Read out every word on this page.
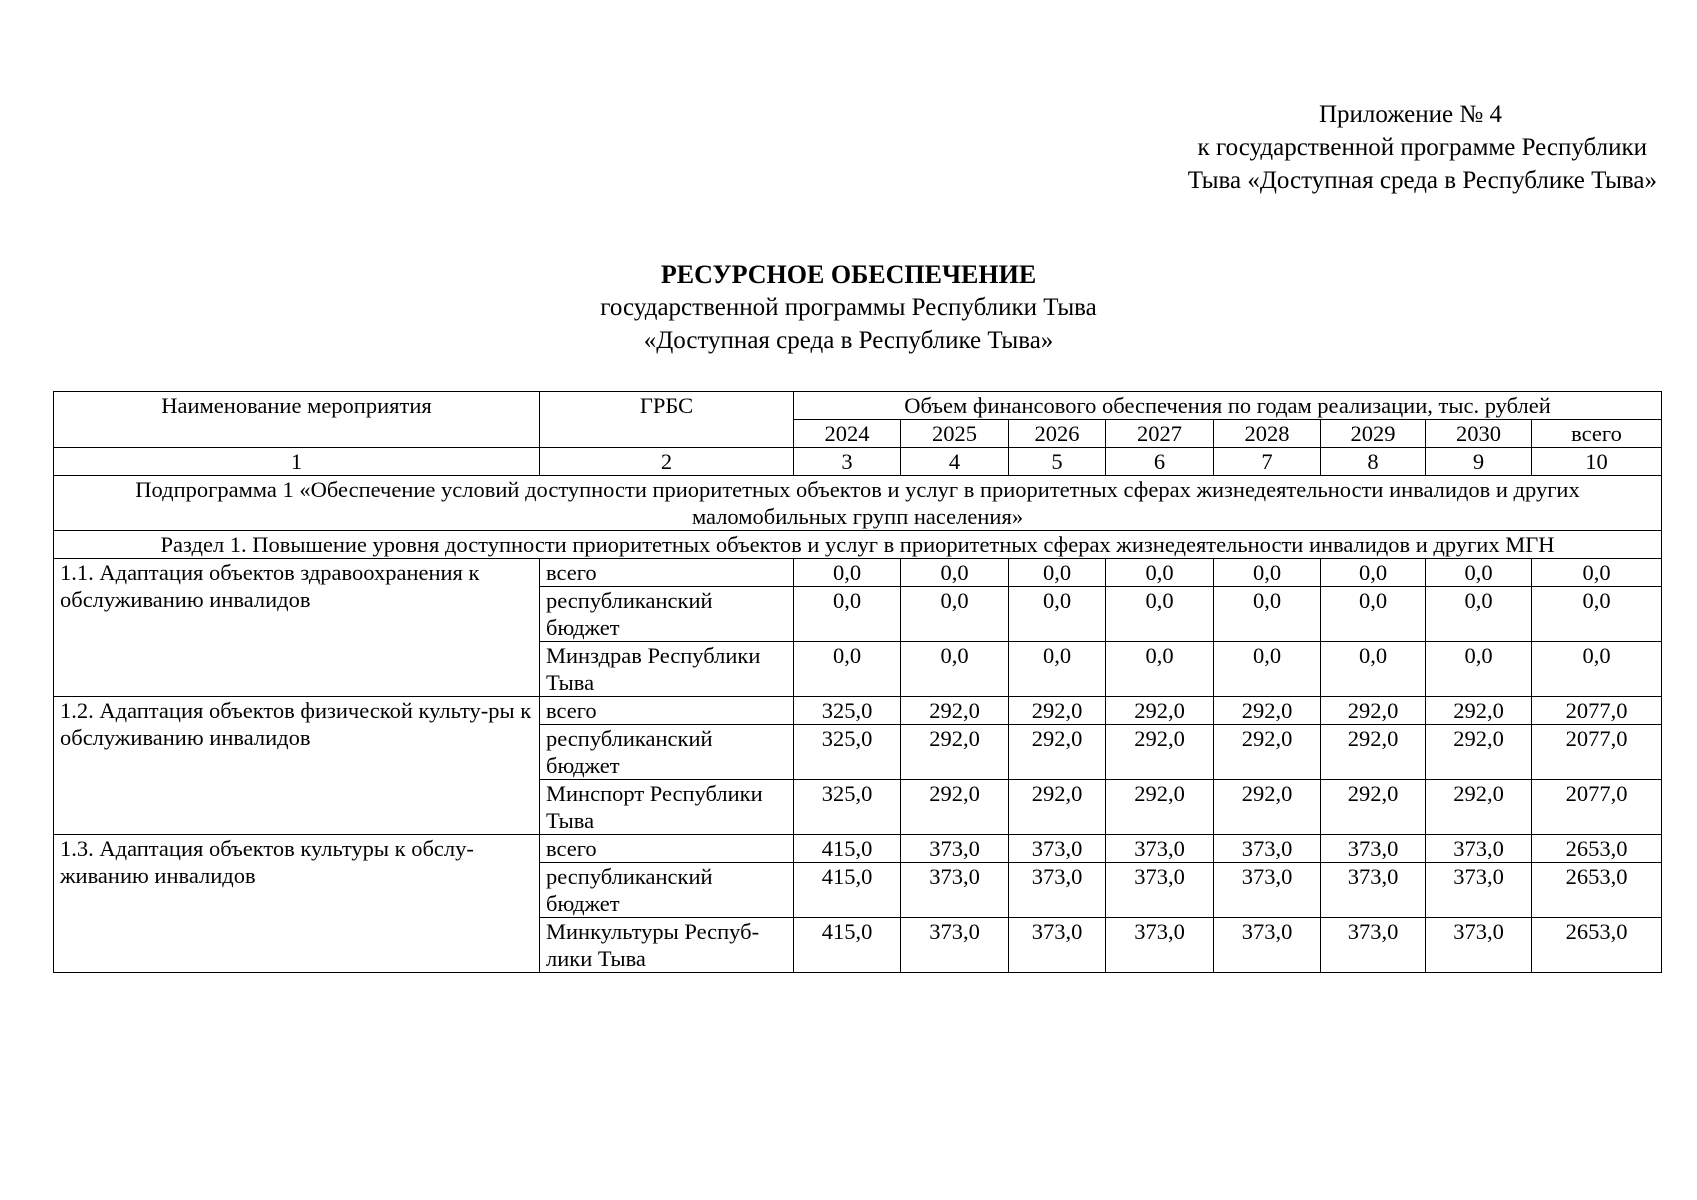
Приложение № 4
к государственной программе Республики
Тыва «Доступная среда в Республике Тыва»
РЕСУРСНОЕ ОБЕСПЕЧЕНИЕ
государственной программы Республики Тыва
«Доступная среда в Республике Тыва»
Наименование мероприятия	ГРБС	Объем финансового обеспечения по годам реализации, тыс. рублей							
		2024	2025	2026	2027	2028	2029	2030	всего
1	2	3	4	5	6	7	8	9	10
Подпрограмма 1 «Обеспечение условий доступности приоритетных объектов и услуг в приоритетных сферах жизнедеятельности инвалидов и других маломобильных групп населения»									
Раздел 1. Повышение уровня доступности приоритетных объектов и услуг в приоритетных сферах жизнедеятельности инвалидов и других МГН									
1.1. Адаптация объектов здравоохранения к обслуживанию инвалидов	всего	0,0	0,0	0,0	0,0	0,0	0,0	0,0	0,0
	республиканский бюджет	0,0	0,0	0,0	0,0	0,0	0,0	0,0	0,0
	Минздрав Республики Тыва	0,0	0,0	0,0	0,0	0,0	0,0	0,0	0,0
1.2. Адаптация объектов физической культу-ры к обслуживанию инвалидов	всего	325,0	292,0	292,0	292,0	292,0	292,0	292,0	2077,0
	республиканский бюджет	325,0	292,0	292,0	292,0	292,0	292,0	292,0	2077,0
	Минспорт Республики Тыва	325,0	292,0	292,0	292,0	292,0	292,0	292,0	2077,0
1.3. Адаптация объектов культуры к обслу-живанию инвалидов	всего	415,0	373,0	373,0	373,0	373,0	373,0	373,0	2653,0
	республиканский бюджет	415,0	373,0	373,0	373,0	373,0	373,0	373,0	2653,0
	Минкультуры Респуб-лики Тыва	415,0	373,0	373,0	373,0	373,0	373,0	373,0	2653,0
